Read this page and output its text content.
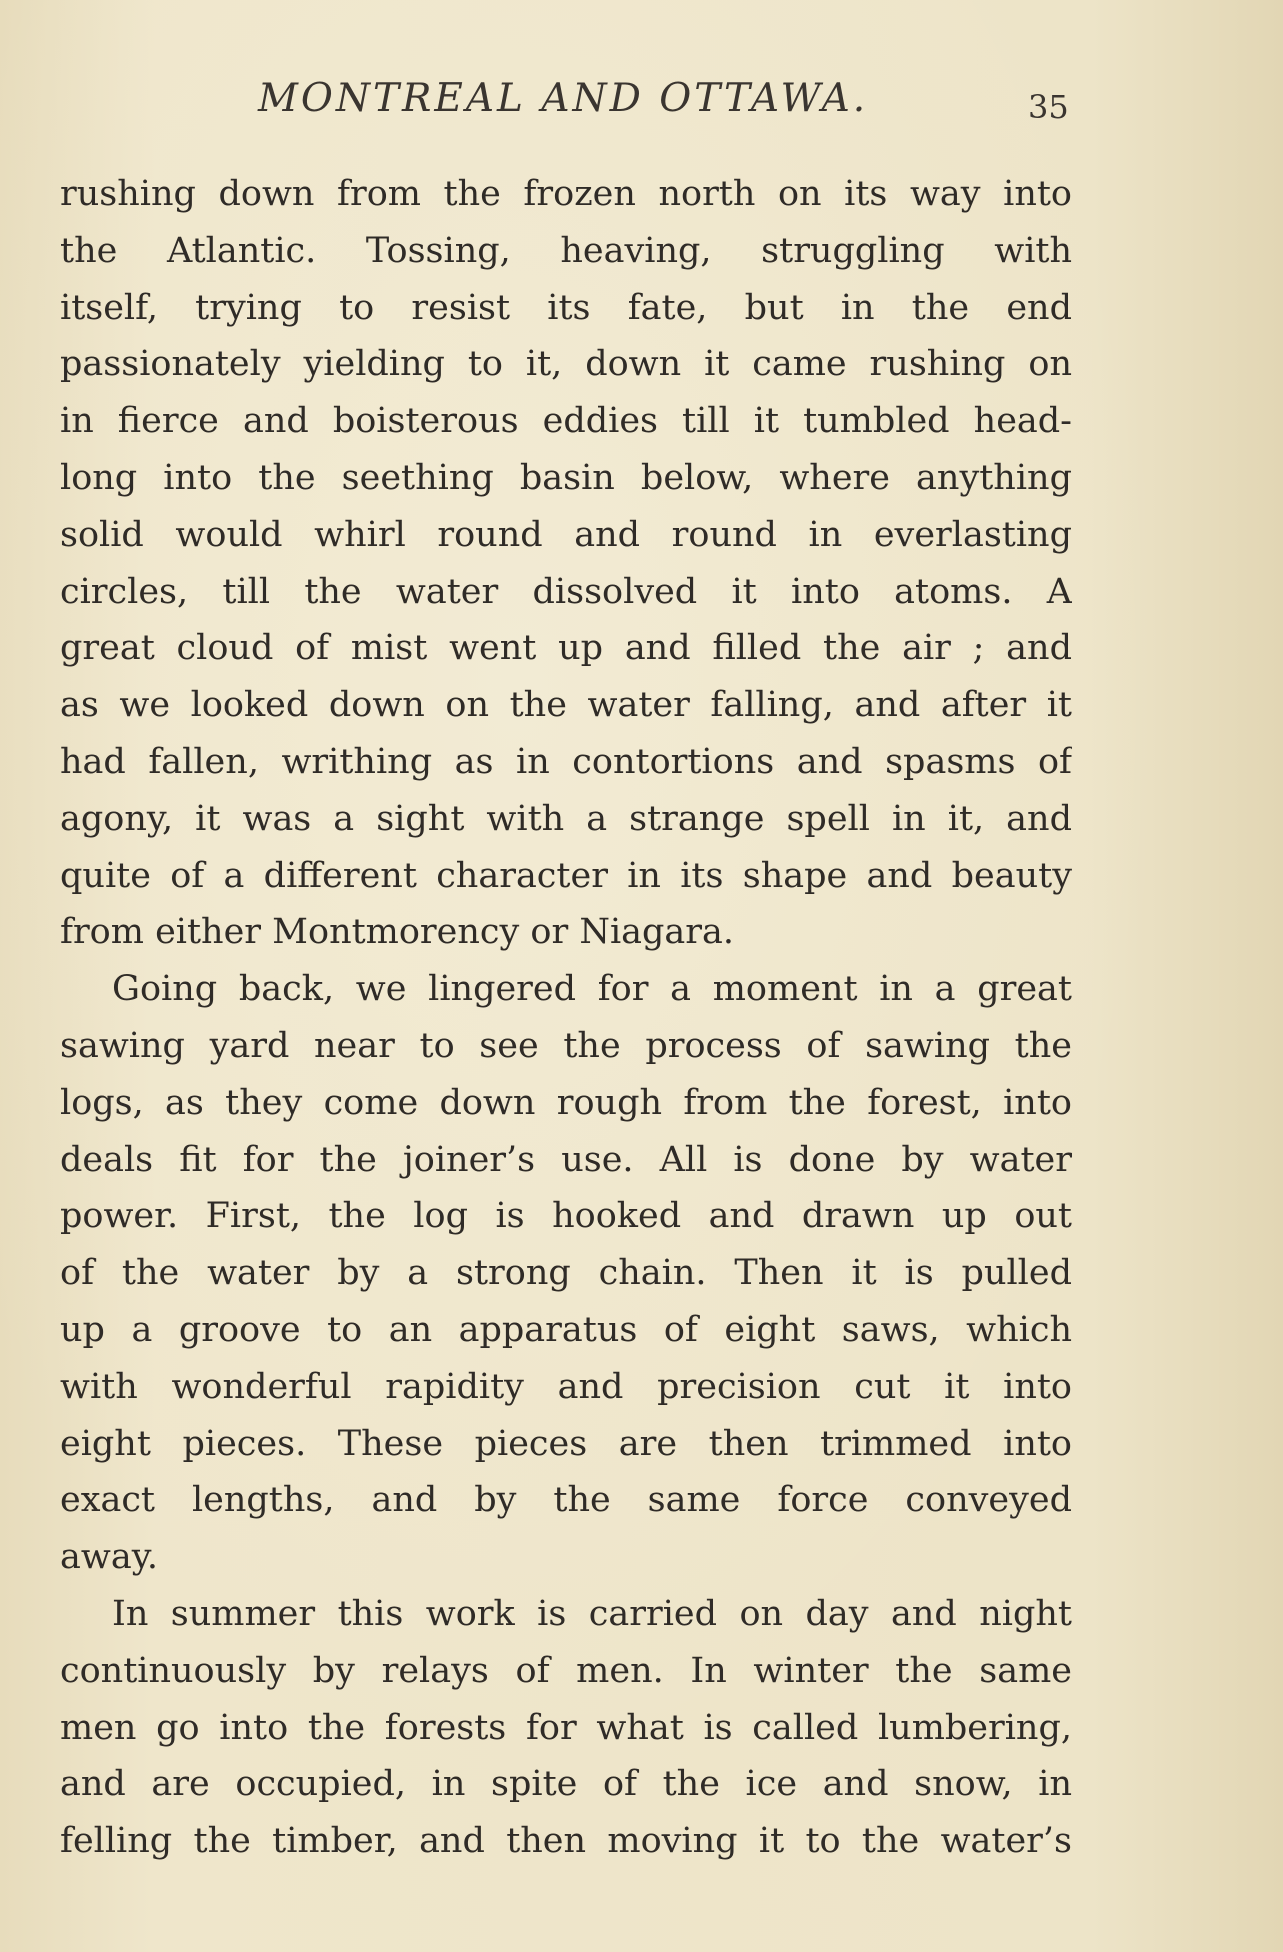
MONTREAL AND OTTAWA.	35
rushing down from the frozen north on its way into
the Atlantic. Tossing, heaving, struggling with
itself, trying to resist its fate, but in the end
passionately yielding to it, down it came rushing on
in fierce and boisterous eddies till it tumbled head-
long into the seething basin below, where anything
solid would whirl round and round in everlasting
circles, till the water dissolved it into atoms. A
great cloud of mist went up and filled the air ; and
as we looked down on the water falling, and after it
had fallen, writhing as in contortions and spasms of
agony, it was a sight with a strange spell in it, and
quite of a different character in its shape and beauty
from either Montmorency or Niagara.
Going back, we lingered for a moment in a great
sawing yard near to see the process of sawing the
logs, as they come down rough from the forest, into
deals fit for the joiner’s use. All is done by water
power. First, the log is hooked and drawn up out
of the water by a strong chain. Then it is pulled
up a groove to an apparatus of eight saws, which
with wonderful rapidity and precision cut it into
eight pieces. These pieces are then trimmed into
exact lengths, and by the same force conveyed
away.
In summer this work is carried on day and night
continuously by relays of men. In winter the same
men go into the forests for what is called lumbering,
and are occupied, in spite of the ice and snow, in
felling the timber, and then moving it to the water’s
